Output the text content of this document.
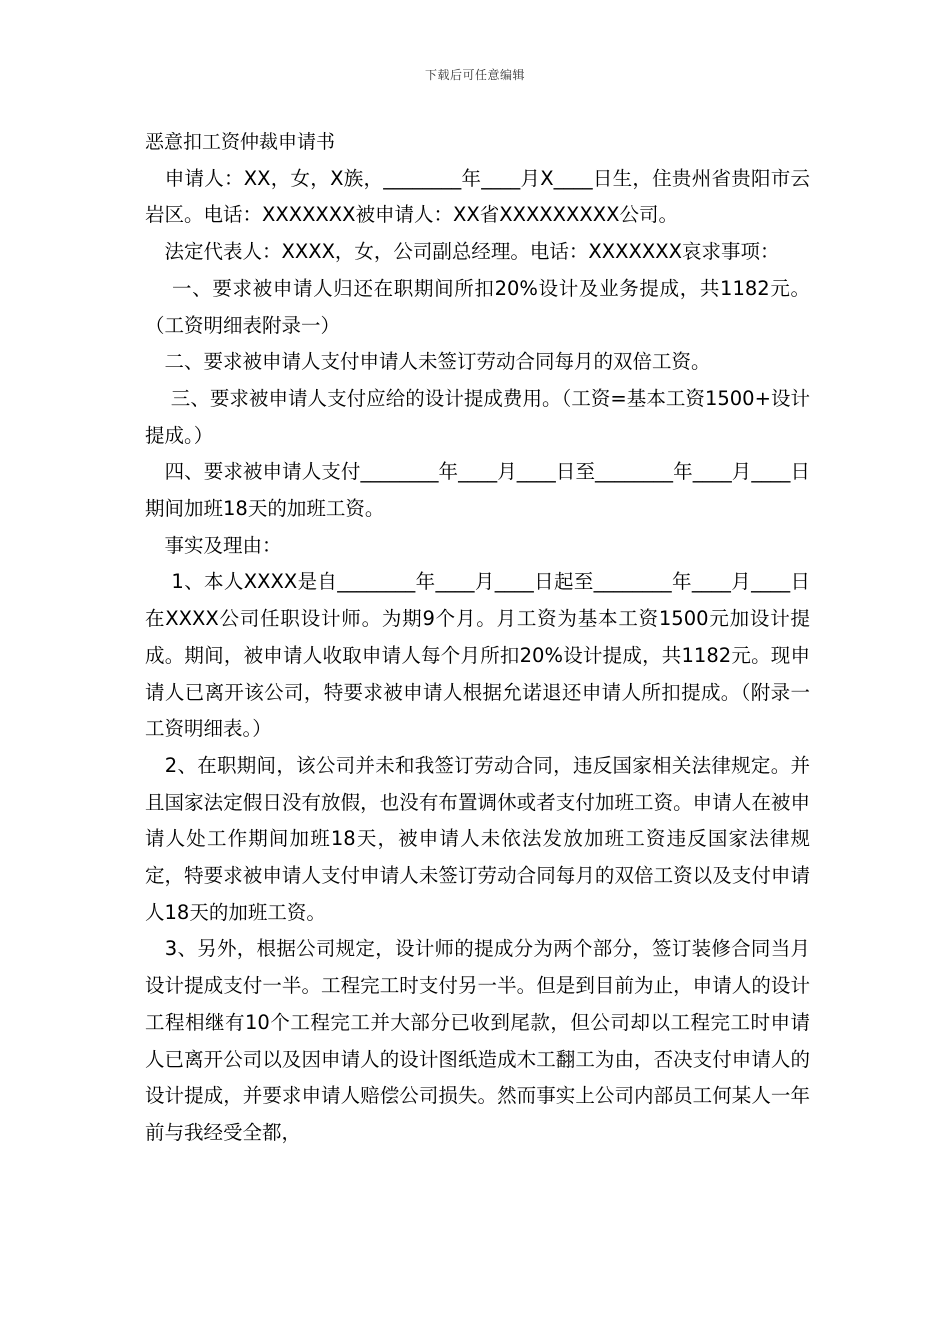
下载后可任意编辑

恶意扣工资仲裁申请书

　申请人：XX，女，X族，________年____月X____日生，住贵州省贵阳市云岩区。电话：XXXXXXX被申请人：XX省XXXXXXXXX公司。

　法定代表人：XXXX，女，公司副总经理。电话：XXXXXXX哀求事项：

　 一、要求被申请人归还在职期间所扣20%设计及业务提成，共1182元。（工资明细表附录一）

　二、要求被申请人支付申请人未签订劳动合同每月的双倍工资。

　 三、要求被申请人支付应给的设计提成费用。（工资=基本工资1500+设计提成。）

　四、要求被申请人支付________年____月____日至________年____月____日期间加班18天的加班工资。

　事实及理由：

　 1、本人XXXX是自________年____月____日起至________年____月____日在XXXX公司任职设计师。为期9个月。月工资为基本工资1500元加设计提成。期间，被申请人收取申请人每个月所扣20%设计提成，共1182元。现申请人已离开该公司，特要求被申请人根据允诺退还申请人所扣提成。（附录一工资明细表。）

　2、在职期间，该公司并未和我签订劳动合同，违反国家相关法律规定。并且国家法定假日没有放假，也没有布置调休或者支付加班工资。申请人在被申请人处工作期间加班18天，被申请人未依法发放加班工资违反国家法律规定，特要求被申请人支付申请人未签订劳动合同每月的双倍工资以及支付申请人18天的加班工资。

　3、另外，根据公司规定，设计师的提成分为两个部分，签订装修合同当月设计提成支付一半。工程完工时支付另一半。但是到目前为止，申请人的设计工程相继有10个工程完工并大部分已收到尾款，但公司却以工程完工时申请人已离开公司以及因申请人的设计图纸造成木工翻工为由，否决支付申请人的设计提成，并要求申请人赔偿公司损失。然而事实上公司内部员工何某人一年前与我经受全都，
